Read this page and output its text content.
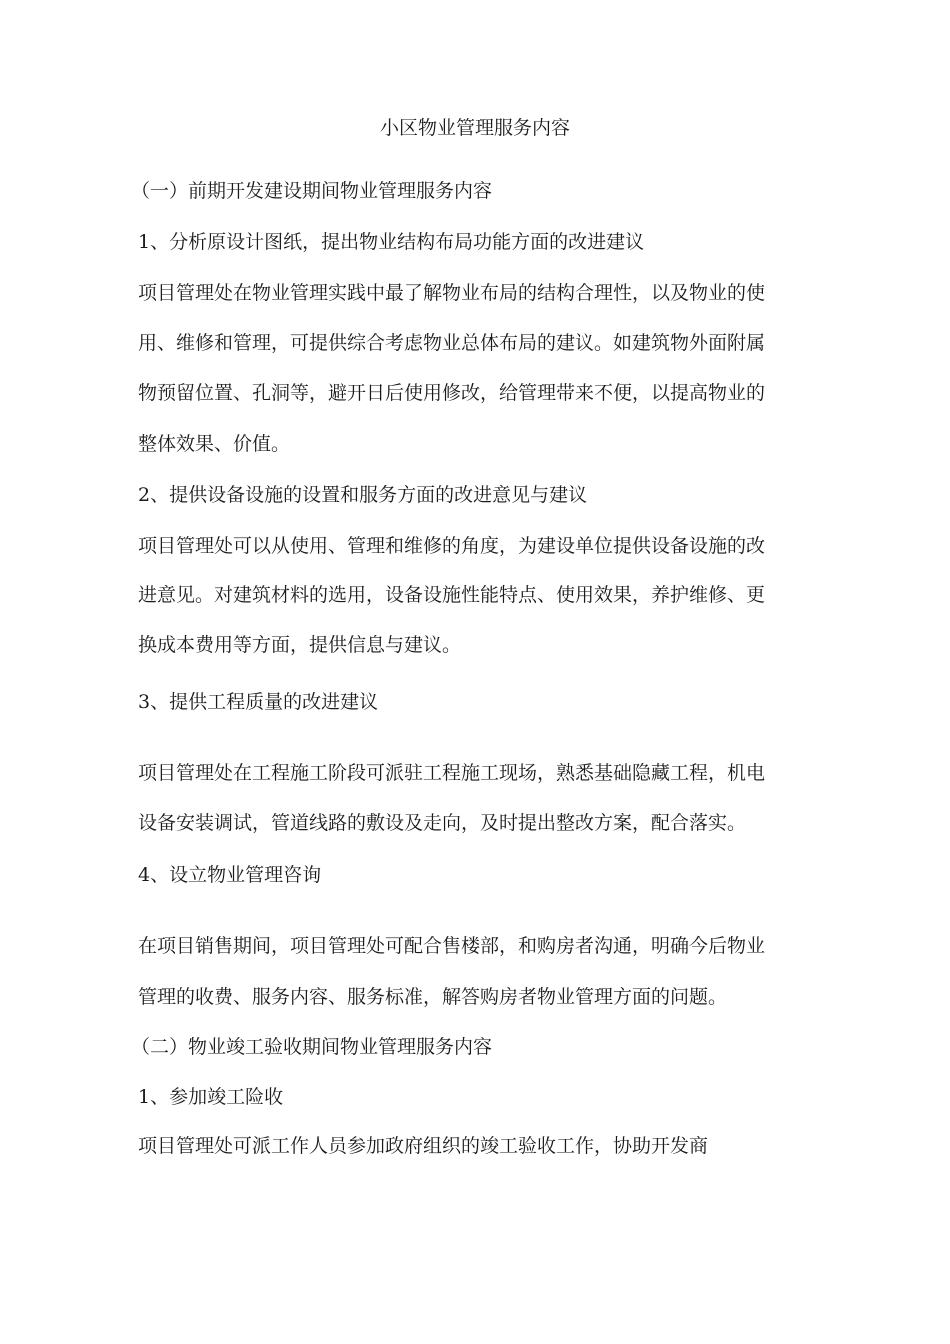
小区物业管理服务内容
（一）前期开发建设期间物业管理服务内容
1、分析原设计图纸，提出物业结构布局功能方面的改进建议
项目管理处在物业管理实践中最了解物业布局的结构合理性，以及物业的使
用、维修和管理，可提供综合考虑物业总体布局的建议。如建筑物外面附属
物预留位置、孔洞等，避开日后使用修改，给管理带来不便，以提高物业的
整体效果、价值。
2、提供设备设施的设置和服务方面的改进意见与建议
项目管理处可以从使用、管理和维修的角度，为建设单位提供设备设施的改
进意见。对建筑材料的选用，设备设施性能特点、使用效果，养护维修、更
换成本费用等方面，提供信息与建议。
3、提供工程质量的改进建议
项目管理处在工程施工阶段可派驻工程施工现场，熟悉基础隐藏工程，机电
设备安装调试，管道线路的敷设及走向，及时提出整改方案，配合落实。
4、设立物业管理咨询
在项目销售期间，项目管理处可配合售楼部，和购房者沟通，明确今后物业
管理的收费、服务内容、服务标准，解答购房者物业管理方面的问题。
（二）物业竣工验收期间物业管理服务内容
1、参加竣工险收
项目管理处可派工作人员参加政府组织的竣工验收工作，协助开发商
